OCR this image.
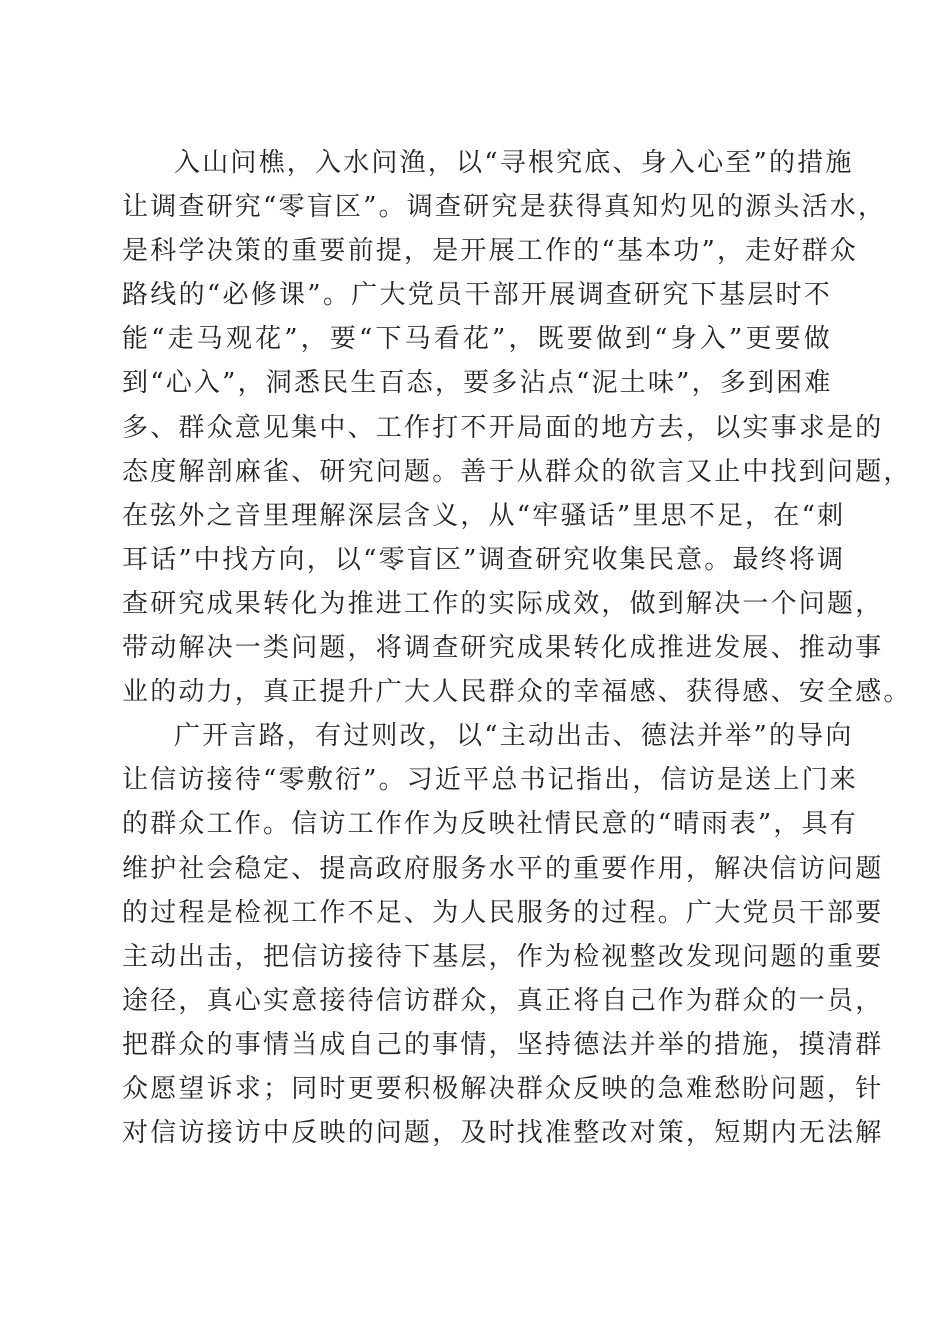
入山问樵，入水问渔，以“寻根究底、身入心至”的措施
让调查研究“零盲区”。调查研究是获得真知灼见的源头活水，
是科学决策的重要前提，是开展工作的“基本功”，走好群众
路线的“必修课”。广大党员干部开展调查研究下基层时不
能“走马观花”，要“下马看花”，既要做到“身入”更要做
到“心入”，洞悉民生百态，要多沾点“泥土味”，多到困难
多、群众意见集中、工作打不开局面的地方去，以实事求是的
态度解剖麻雀、研究问题。善于从群众的欲言又止中找到问题，
在弦外之音里理解深层含义，从“牢骚话”里思不足，在“刺
耳话”中找方向，以“零盲区”调查研究收集民意。最终将调
查研究成果转化为推进工作的实际成效，做到解决一个问题，
带动解决一类问题，将调查研究成果转化成推进发展、推动事
业的动力，真正提升广大人民群众的幸福感、获得感、安全感。
广开言路，有过则改，以“主动出击、德法并举”的导向
让信访接待“零敷衍”。习近平总书记指出，信访是送上门来
的群众工作。信访工作作为反映社情民意的“晴雨表”，具有
维护社会稳定、提高政府服务水平的重要作用，解决信访问题
的过程是检视工作不足、为人民服务的过程。广大党员干部要
主动出击，把信访接待下基层，作为检视整改发现问题的重要
途径，真心实意接待信访群众，真正将自己作为群众的一员，
把群众的事情当成自己的事情，坚持德法并举的措施，摸清群
众愿望诉求；同时更要积极解决群众反映的急难愁盼问题，针
对信访接访中反映的问题，及时找准整改对策，短期内无法解
